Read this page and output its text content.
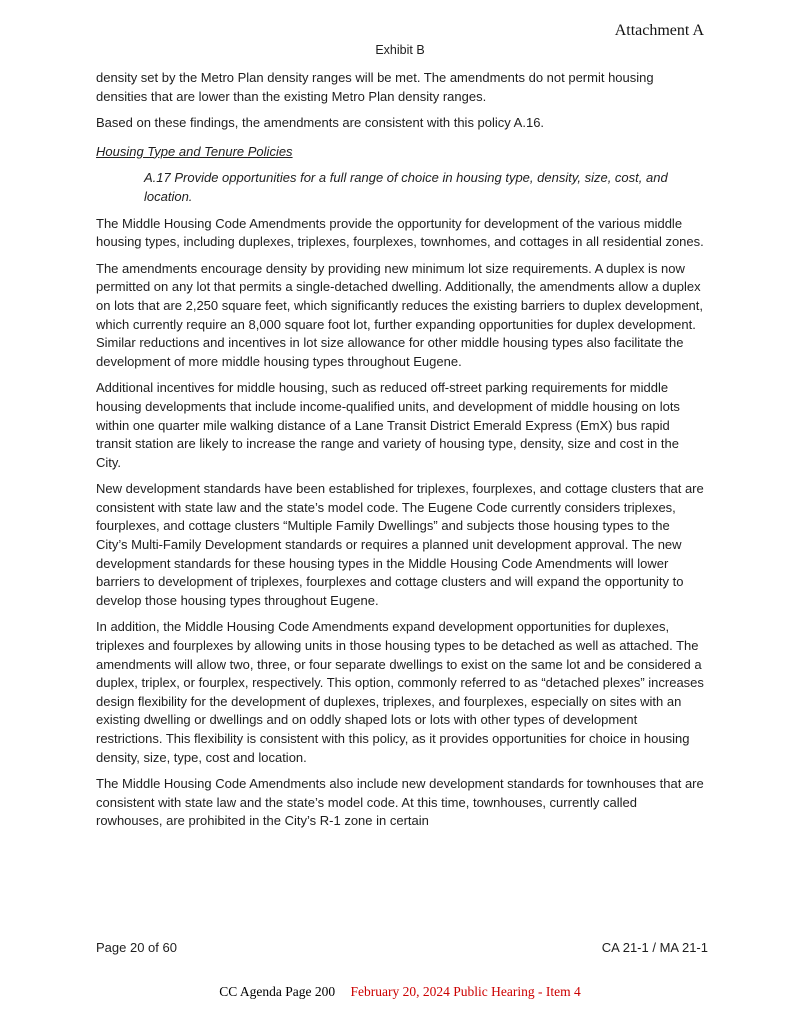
Attachment A
Exhibit B

density set by the Metro Plan density ranges will be met. The amendments do not permit housing densities that are lower than the existing Metro Plan density ranges.

Based on these findings, the amendments are consistent with this policy A.16.

Housing Type and Tenure Policies

A.17 Provide opportunities for a full range of choice in housing type, density, size, cost, and location.

The Middle Housing Code Amendments provide the opportunity for development of the various middle housing types, including duplexes, triplexes, fourplexes, townhomes, and cottages in all residential zones.

The amendments encourage density by providing new minimum lot size requirements. A duplex is now permitted on any lot that permits a single-detached dwelling. Additionally, the amendments allow a duplex on lots that are 2,250 square feet, which significantly reduces the existing barriers to duplex development, which currently require an 8,000 square foot lot, further expanding opportunities for duplex development. Similar reductions and incentives in lot size allowance for other middle housing types also facilitate the development of more middle housing types throughout Eugene.

Additional incentives for middle housing, such as reduced off-street parking requirements for middle housing developments that include income-qualified units, and development of middle housing on lots within one quarter mile walking distance of a Lane Transit District Emerald Express (EmX) bus rapid transit station are likely to increase the range and variety of housing type, density, size and cost in the City.

New development standards have been established for triplexes, fourplexes, and cottage clusters that are consistent with state law and the state’s model code. The Eugene Code currently considers triplexes, fourplexes, and cottage clusters “Multiple Family Dwellings” and subjects those housing types to the City’s Multi-Family Development standards or requires a planned unit development approval. The new development standards for these housing types in the Middle Housing Code Amendments will lower barriers to development of triplexes, fourplexes and cottage clusters and will expand the opportunity to develop those housing types throughout Eugene.

In addition, the Middle Housing Code Amendments expand development opportunities for duplexes, triplexes and fourplexes by allowing units in those housing types to be detached as well as attached. The amendments will allow two, three, or four separate dwellings to exist on the same lot and be considered a duplex, triplex, or fourplex, respectively. This option, commonly referred to as “detached plexes” increases design flexibility for the development of duplexes, triplexes, and fourplexes, especially on sites with an existing dwelling or dwellings and on oddly shaped lots or lots with other types of development restrictions. This flexibility is consistent with this policy, as it provides opportunities for choice in housing density, size, type, cost and location.

The Middle Housing Code Amendments also include new development standards for townhouses that are consistent with state law and the state’s model code. At this time, townhouses, currently called rowhouses, are prohibited in the City’s R-1 zone in certain

Page 20 of 60	CA 21-1 / MA 21-1
CC Agenda Page 200 February 20, 2024 Public Hearing - Item 4
